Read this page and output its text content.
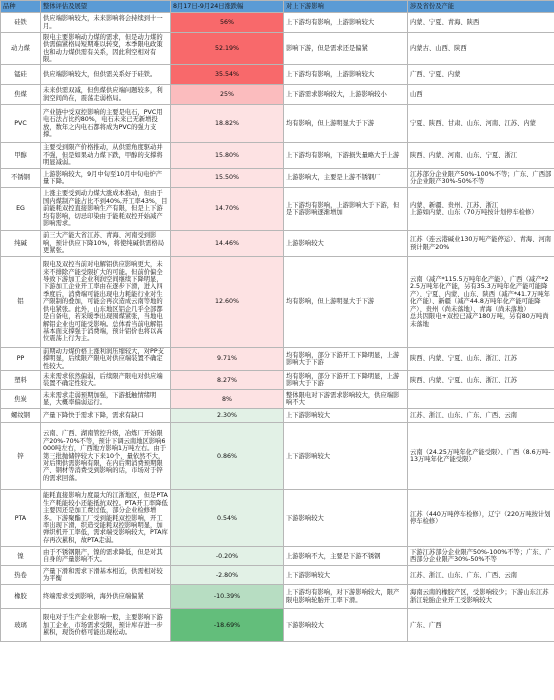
品种	整体评估及展望	8月17日-9月24日涨跌幅	对上下游影响	涉及省份及产能
硅铁	供应端影响较大，未来影响将会持续到十一月。	56%	上下游均有影响，上游影响较大	内蒙、宁夏、青海、陕西
动力煤	限电主要影响动力煤的需求，但是动力煤的供需偏紧格局短期难以转变，本季限电政策也和动力煤供需有关系，因此利空相对有限。	52.19%	影响下游，但是需求还是偏紧	内蒙古、山西、陕西
锰硅	供应端影响较大，但供需关系好于硅铁。	35.54%	上下游均有影响，上游影响较大	广西、宁夏、内蒙
焦煤	未来供需双减，但焦煤供应端问题较多，利润空间尚在，震荡走弱格局。	25%	上下游需求影响较大，上游影响较小	山西
PVC	产业链中受双控影响的主要是电石，PVC用电石法占比约80%，电石未来已无新增投放，数年之内电石都将成为PVC的强力支撑。	18.82%	均有影响，但上游明显大于下游	宁夏、陕西、甘肃、山东、河南、江苏、内蒙
甲醇	主要受到限产价格推动，从供需角度驱动并不强，但是如果动力煤下跌，甲醇的支撑将明显减弱。	15.80%	上下游均有影响，下游损失量略大于上游	陕西、内蒙、河南、山东、宁夏、浙江
不锈钢	上游影响较大，9月中旬至10月中旬电炉产量下降。	15.50%	上游影响大，主要是上游不锈钢厂	江苏部分企业限产50%-100%不等；广东、广西部分企业限产30%-50%不等
EG	上涨主要受到动力煤大涨成本推动，但由于国内煤制产能占比不到40%,开工率43%，目前能耗双控直接影响生产有限，但是上下游均有影响，切忌印染由于能耗双控开始减产影响需求。	14.70%	上下游均有影响，上游影响大于下游，但是下游影响逐渐增加	内蒙、新疆、贵州、江苏、浙江
上游如内蒙、山东（70万吨按计划停车检修）
纯碱	前三大产能大省江苏、青海、河南受到影响，预计供应下降10%，将使纯碱供需格局更紧张。	14.46%	上游影响较大	江苏（连云港碱业130万吨产能停运）、青海、河南预计限产20%
铝	限电及双控当前对电解铝供应影响更大，未来不排除产能受限扩大的可能。但前价偏全导致下游加工企业利润空间继续下降明显，下游加工企业开工率由在逐步下滑，进入四季度后，消费端可能出现电力耗能行业对生产限制的叠加，可能会再次造成云南等地的供电紧张。此外，山东地区铝企几乎全部都是自备电，若采暖季出现囤煤紧张，当地电解铝企业也可能受影响。总体看当前电解铝基本面支撑强于消费端，预计铝价也将以高位震荡上行为主。	12.60%	均有影响，但上游明显大于下游	云南（减产*115.5万吨年化产能）、广西（减产*22.5万吨年化产能，另有35.3万吨年化产能可能降产）、宁夏、内蒙、山东、陕西（减产*41.7万吨年化产能）、新疆（减产44.8万吨年化产能可能降产）、贵州（尚未落地）、青海（尚未落地）
总共因限电+双控已减产180万吨，另有80万吨尚未落地
PP	前期动力煤价格上涨利润压缩较大，对PP支撑明显，后续限产限电对供应端装置不确定性较大。	9.71%	均有影响，部分下游开工下降明显，上游影响大于下游	陕西、内蒙、宁夏、山东、浙江、江苏
塑料	未来需求依然偏弱，后续限产限电对供应端装置不确定性较大。	8.27%	均有影响，部分下游开工下降明显，上游影响大于下游	陕西、内蒙、宁夏、山东、浙江、江苏
焦炭	未来需求走弱预期加强，下游抵触情绪明显，大概率偏弱运行。	8%	整体限电对下游需求影响较大，供应端影响不大	
螺纹钢	产量下降快于需求下降，需求有缺口	2.30%	上下游影响较大	江苏、浙江、山东、广东、广西、云南
锌	云南、广西、湖南管控升级，冶炼厂开始限产20%-70%不等，预计下调云南地区影响6000吨左右，广西地方影响1万吨左右。由于第三批抛储锌较大下来10个，量依然不大，对后期供需影响有限，在内后期消费预期限产、钢材等消费受到影响的话，市场对于锌的需求回落。	0.86%	上下游影响较大	云南（24.25万吨年化产能受限）、广西（8.6万吨-13万吨年化产能受限）
PTA	能耗直接影响力度最大的江浙地区，但是PTA生产耗能较小还能抵抗双控。PTA开工率降低主要因还是加工费过低，部分企业检修增多。下游聚酯工厂受到能耗双控影响，开工率出现下滑，织造受能耗双控影响明显，加弹织机开工率低，需求端受影响较大，PTA库存再次累积，故PTA走弱。	0.54%	下游影响较大	江苏（440万吨停车检修），辽宁（220万吨按计划停车检修）
镍	由于不锈钢限产，镍的需求降低，但是对其自身的产量影响不大。	-0.20%	上游影响不大，主要是下游不锈钢	下游江苏部分企业限产50%-100%不等；广东、广西部分企业限产30%-50%不等
热卷	产量下滑和需求下滑基本相近，供需相对较为平衡	-2.80%	上下游影响较大	江苏、浙江、山东、广东、广西、云南
橡胶	终端需求受到影响，海外供应端偏紧	-10.39%	上下游均有影响，对下游影响较大，限产限电影响轮胎开工率下滑。	海南云南的橡胶产区，受影响较少；下游山东江苏浙江轮胎企业开工受影响较大
玻璃	限电对于生产企业影响一般，主要影响下游加工企业，市场需求受限，预计库存进一步累积，现货价格可能出现松动。	-18.69%	下游影响较大	广东、广西
